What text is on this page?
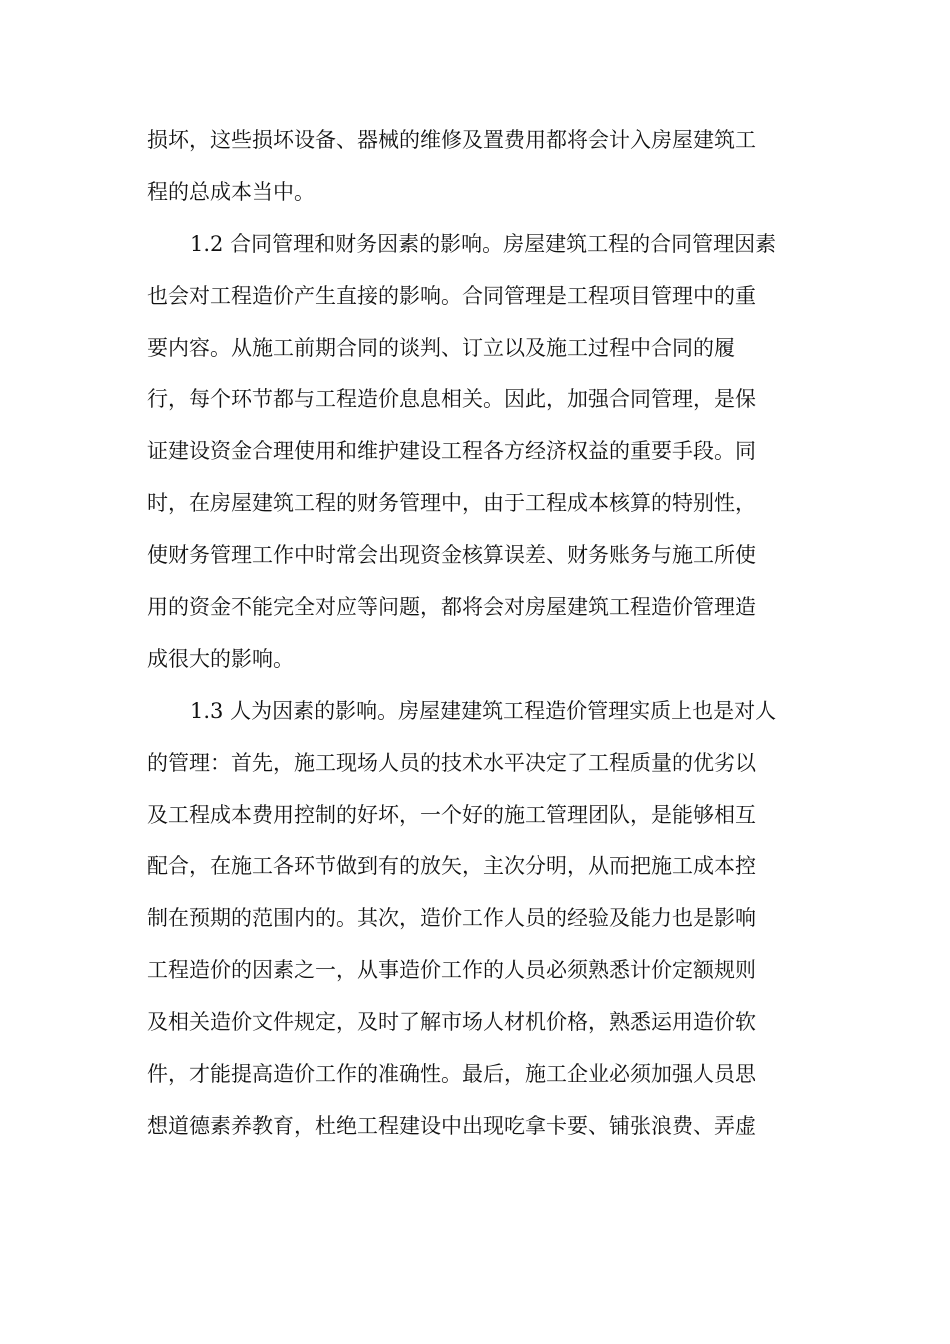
损坏，这些损坏设备、器械的维修及置费用都将会计入房屋建筑工
程的总成本当中。
1.2 合同管理和财务因素的影响。房屋建筑工程的合同管理因素
也会对工程造价产生直接的影响。合同管理是工程项目管理中的重
要内容。从施工前期合同的谈判、订立以及施工过程中合同的履
行，每个环节都与工程造价息息相关。因此，加强合同管理，是保
证建设资金合理使用和维护建设工程各方经济权益的重要手段。同
时，在房屋建筑工程的财务管理中，由于工程成本核算的特别性，
使财务管理工作中时常会出现资金核算误差、财务账务与施工所使
用的资金不能完全对应等问题，都将会对房屋建筑工程造价管理造
成很大的影响。
1.3 人为因素的影响。房屋建建筑工程造价管理实质上也是对人
的管理：首先，施工现场人员的技术水平决定了工程质量的优劣以
及工程成本费用控制的好坏，一个好的施工管理团队，是能够相互
配合，在施工各环节做到有的放矢，主次分明，从而把施工成本控
制在预期的范围内的。其次，造价工作人员的经验及能力也是影响
工程造价的因素之一，从事造价工作的人员必须熟悉计价定额规则
及相关造价文件规定，及时了解市场人材机价格，熟悉运用造价软
件，才能提高造价工作的准确性。最后，施工企业必须加强人员思
想道德素养教育，杜绝工程建设中出现吃拿卡要、铺张浪费、弄虚
